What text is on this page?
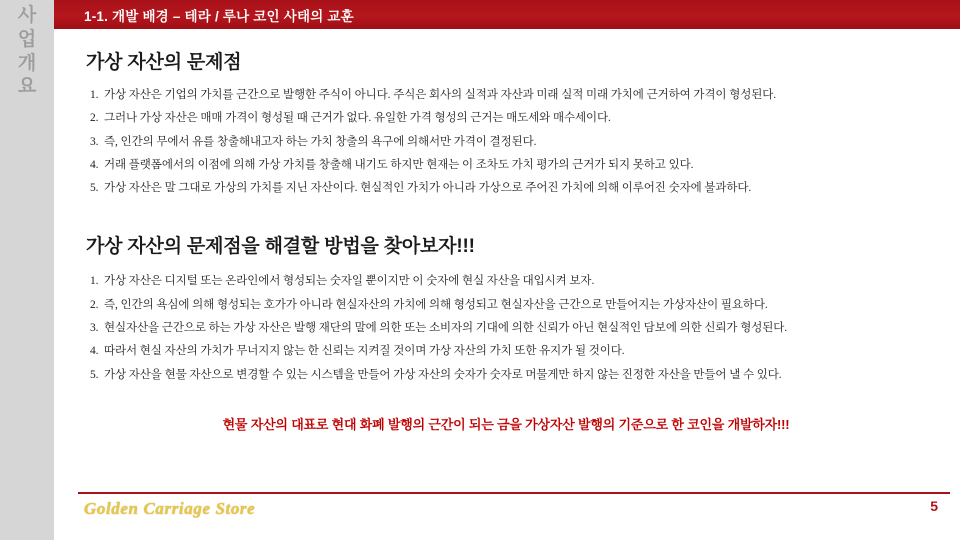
사
업
개
요
1-1. 개발 배경 – 테라 / 루나 코인 사태의 교훈
가상 자산의 문제점
1. 가상 자산은 기업의 가치를 근간으로 발행한 주식이 아니다. 주식은 회사의 실적과 자산과 미래 실적 미래 가치에 근거하여 가격이 형성된다.
2. 그러나 가상 자산은 매매 가격이 형성될 때 근거가 없다. 유일한 가격 형성의 근거는 매도세와 매수세이다.
3. 즉, 인간의 무에서 유를 창출해내고자 하는 가치 창출의 욕구에 의해서만 가격이 결정된다.
4. 거래 플랫폼에서의 이점에 의해 가상 가치를 창출해 내기도 하지만 현재는 이 조차도 가치 평가의 근거가 되지 못하고 있다.
5. 가상 자산은 말 그대로 가상의 가치를 지닌 자산이다. 현실적인 가치가 아니라 가상으로 주어진 가치에 의해 이루어진 숫자에 불과하다.
가상 자산의 문제점을 해결할 방법을 찾아보자!!!
1. 가상 자산은 디지털 또는 온라인에서 형성되는 숫자일 뿐이지만 이 숫자에 현실 자산을 대입시켜 보자.
2. 즉, 인간의 욕심에 의해 형성되는 호가가 아니라 현실자산의 가치에 의해 형성되고 현실자산을 근간으로 만들어지는 가상자산이 필요하다.
3. 현실자산을 근간으로 하는 가상 자산은 발행 재단의 말에 의한 또는 소비자의 기대에 의한 신뢰가 아닌 현실적인 담보에 의한 신뢰가 형성된다.
4. 따라서 현실 자산의 가치가 무너지지 않는 한 신뢰는 지켜질 것이며 가상 자산의 가치 또한 유지가 될 것이다.
5. 가상 자산을 현물 자산으로 변경할 수 있는 시스템을 만들어 가상 자산의 숫자가 숫자로 머물게만 하지 않는 진정한 자산을 만들어 낼 수 있다.
현물 자산의 대표로 현대 화폐 발행의 근간이 되는 금을 가상자산 발행의 기준으로 한 코인을 개발하자!!!
Golden Carriage Store	5
